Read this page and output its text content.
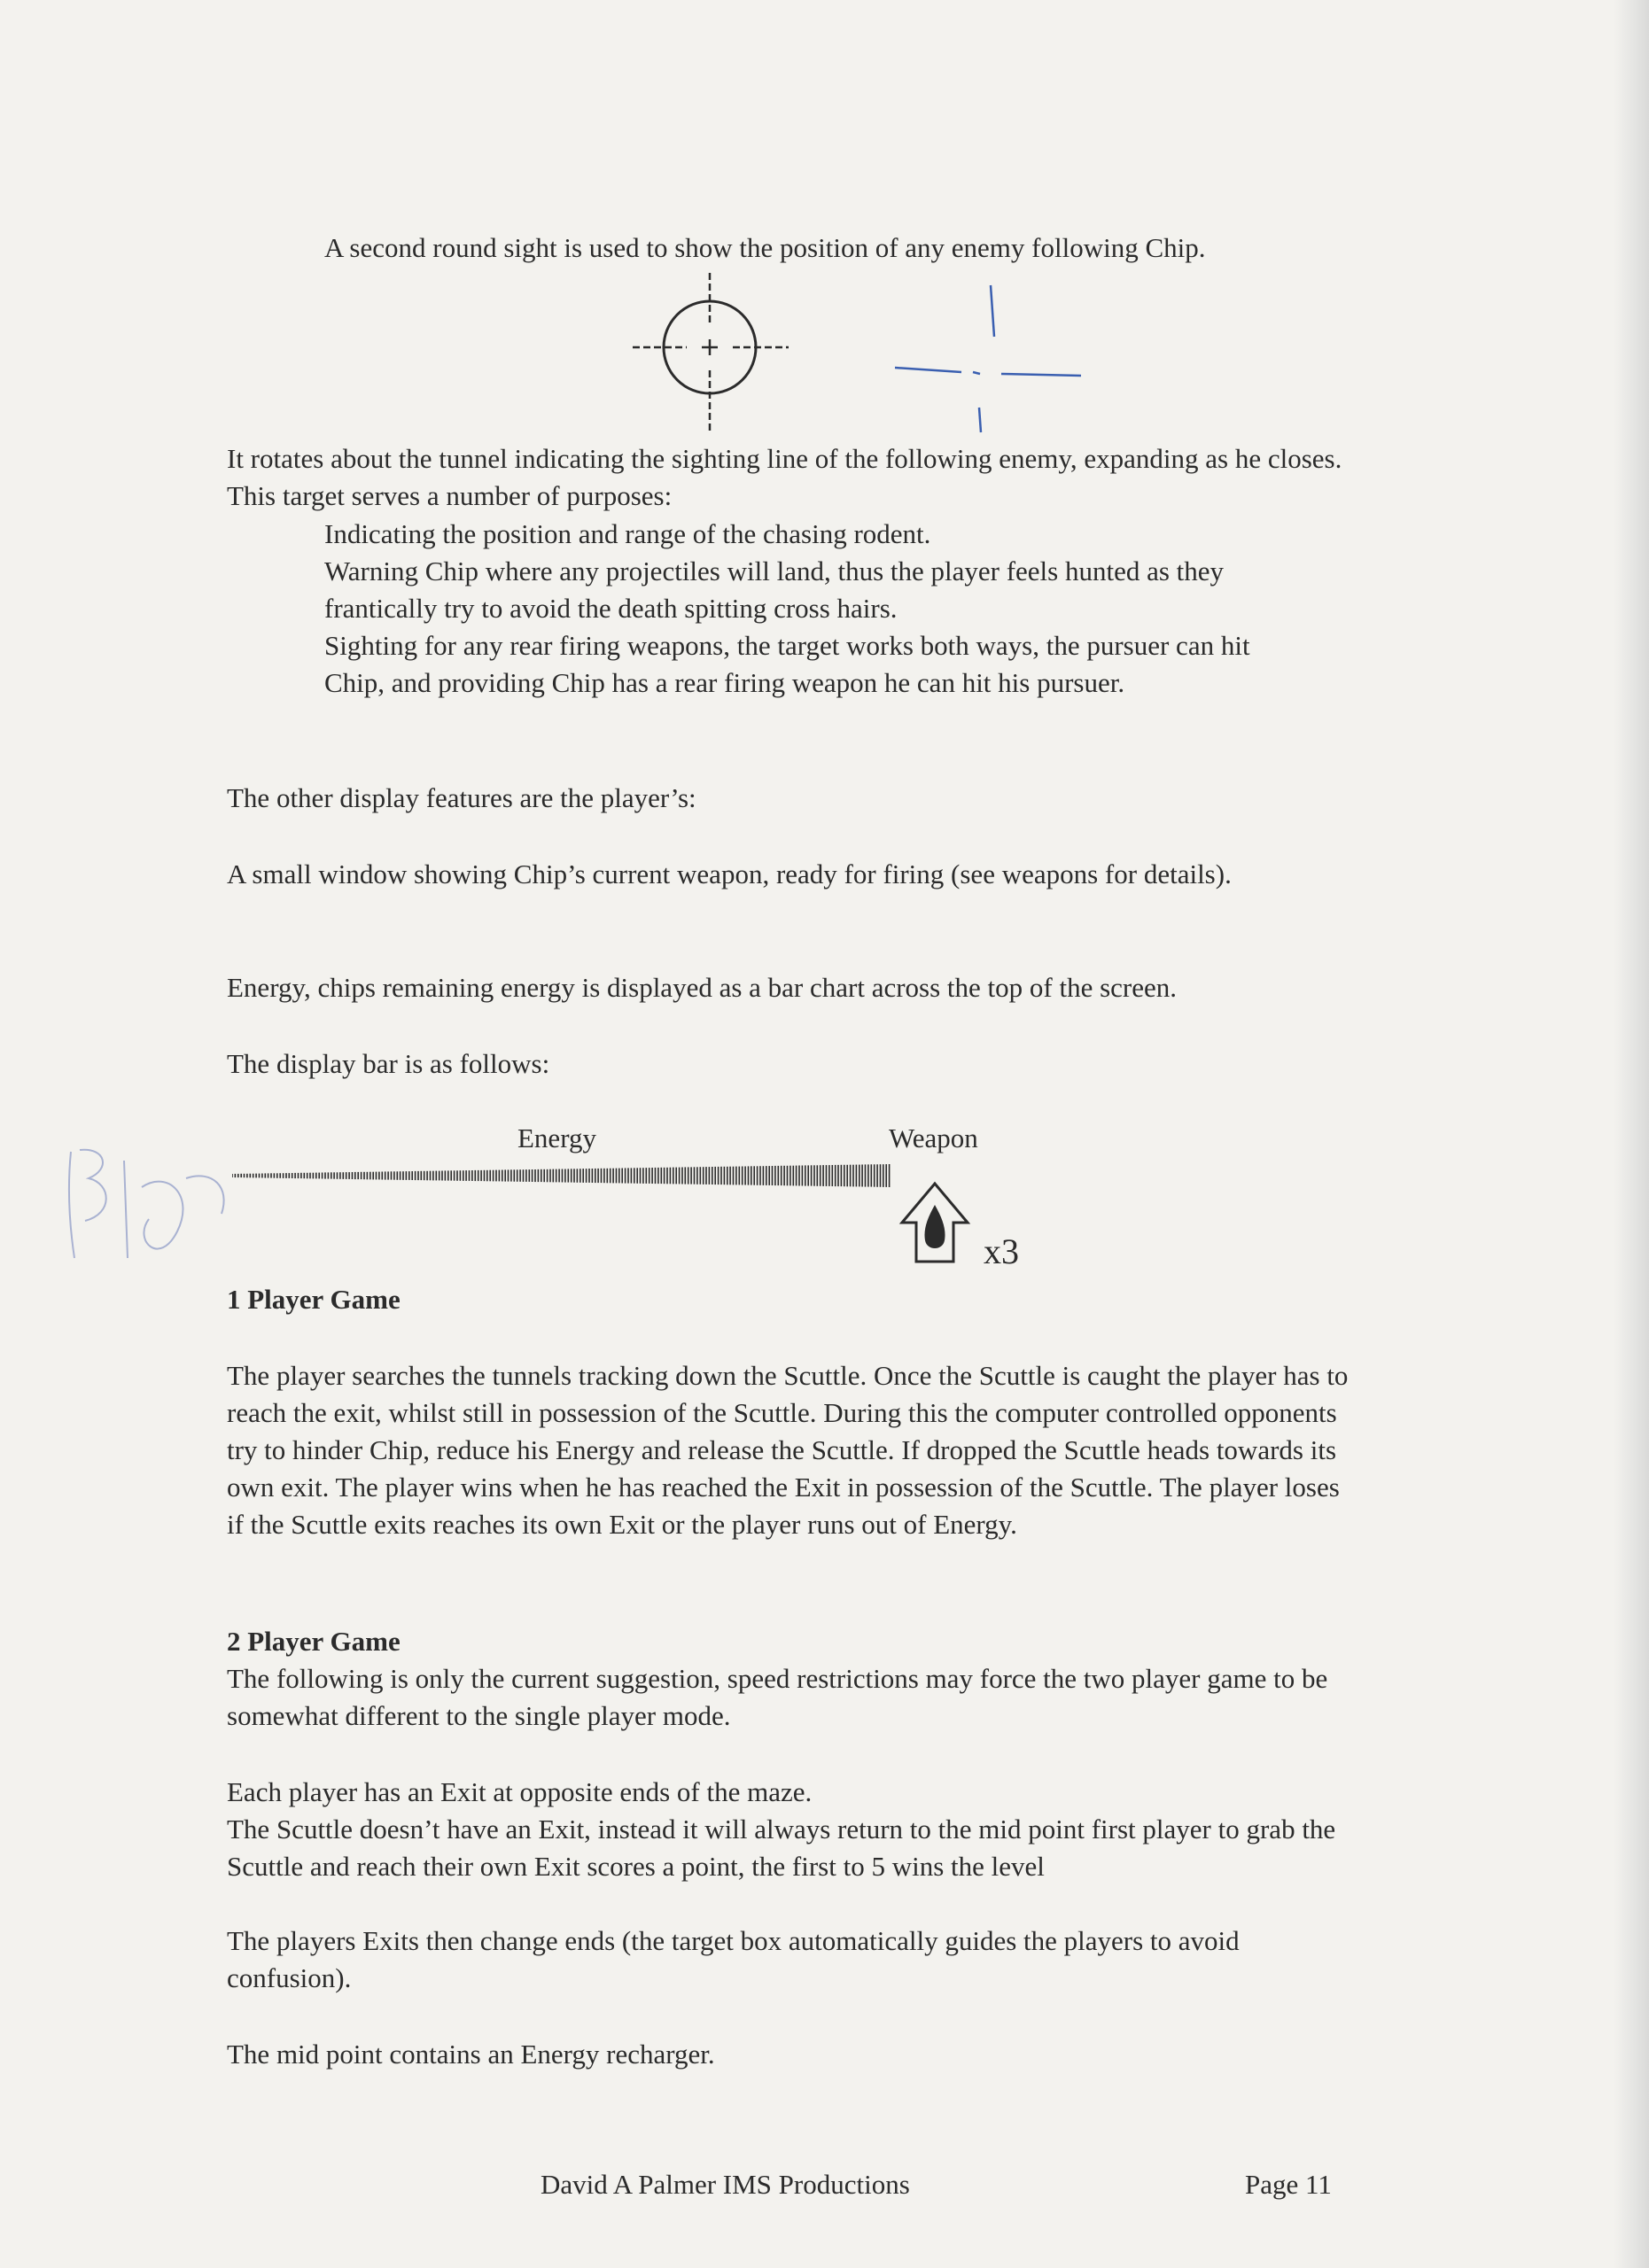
A second round sight is used to show the position of any enemy following Chip.

It rotates about the tunnel indicating the sighting line of the following enemy, expanding as he closes. This target serves a number of purposes:

Indicating the position and range of the chasing rodent.

Warning Chip where any projectiles will land, thus the player feels hunted as they frantically try to avoid the death spitting cross hairs.

Sighting for any rear firing weapons, the target works both ways, the pursuer can hit Chip, and providing Chip has a rear firing weapon he can hit his pursuer.

The other display features are the player’s:

A small window showing Chip’s current weapon, ready for firing (see weapons for details).

Energy, chips remaining energy is displayed as a bar chart across the top of the screen.

The display bar is as follows:

Energy	Weapon
x3

1 Player Game

The player searches the tunnels tracking down the Scuttle. Once the Scuttle is caught the player has to reach the exit, whilst still in possession of the Scuttle. During this the computer controlled opponents try to hinder Chip, reduce his Energy and release the Scuttle. If dropped the Scuttle heads towards its own exit. The player wins when he has reached the Exit in possession of the Scuttle. The player loses if the Scuttle exits reaches its own Exit or the player runs out of Energy.

2 Player Game

The following is only the current suggestion, speed restrictions may force the two player game to be somewhat different to the single player mode.

Each player has an Exit at opposite ends of the maze.

The Scuttle doesn’t have an Exit, instead it will always return to the mid point first player to grab the Scuttle and reach their own Exit scores a point, the first to 5 wins the level

The players Exits then change ends (the target box automatically guides the players to avoid confusion).

The mid point contains an Energy recharger.

David A Palmer IMS Productions	Page 11
